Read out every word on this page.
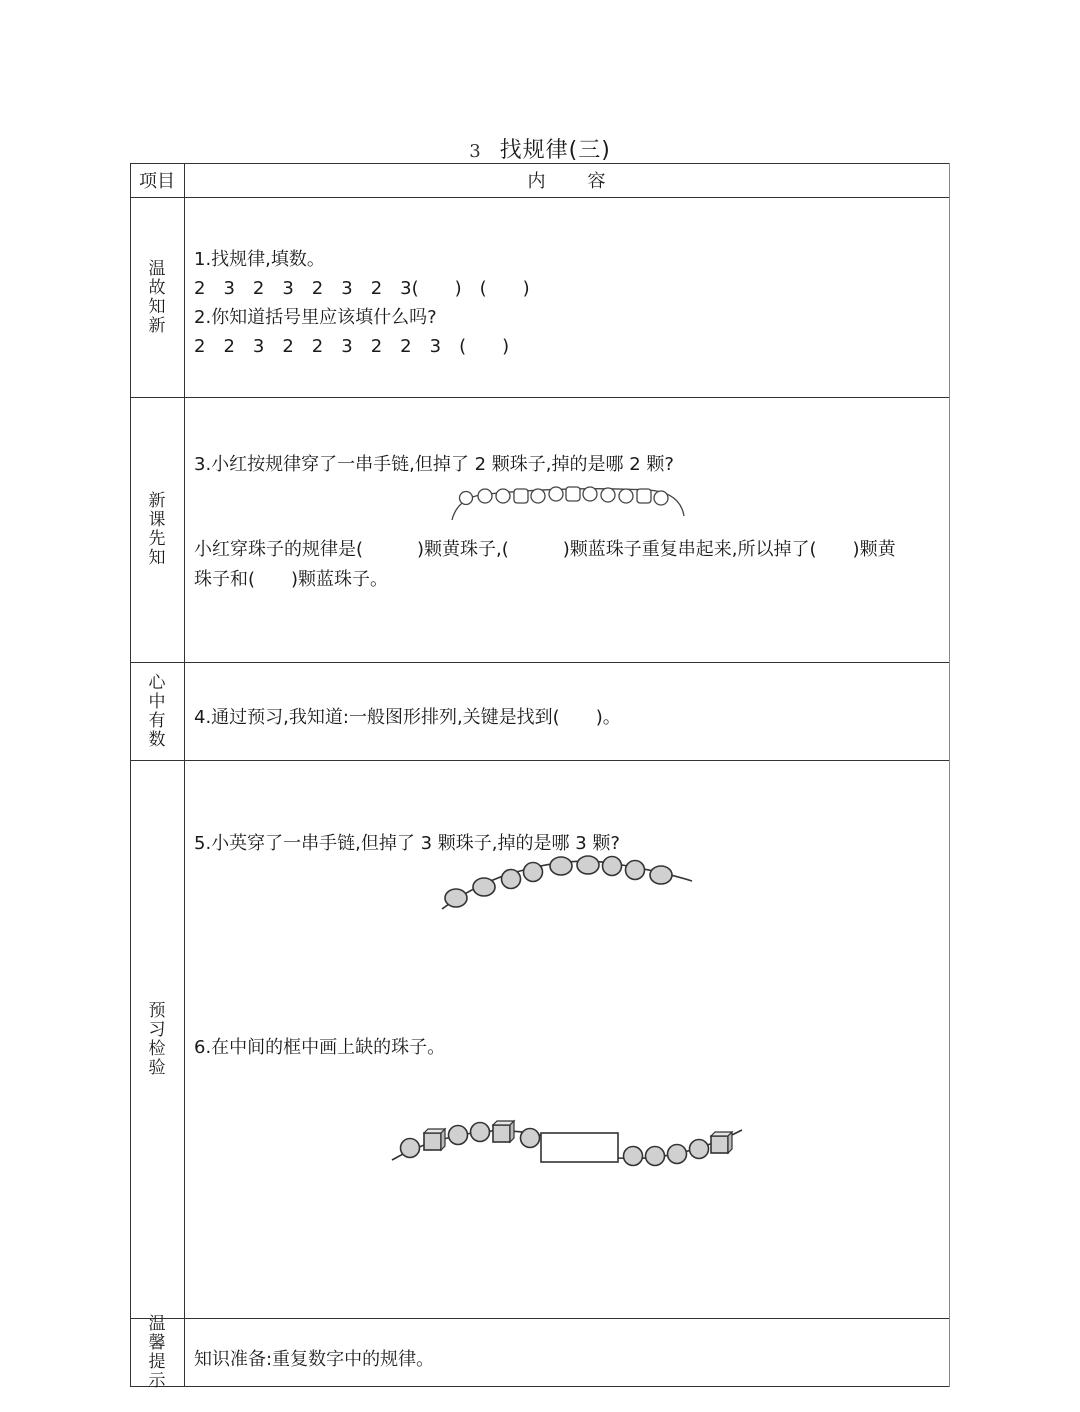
3 找规律(三)
项目	内　　容
温故知新
新课先知
心中有数
预习检验
温馨提示
1.找规律,填数。
2　3　2　3　2　3　2　3(　　)　(　　)
2.你知道括号里应该填什么吗?
2　2　3　2　2　3　2　2　3　(　　)
3.小红按规律穿了一串手链,但掉了 2 颗珠子,掉的是哪 2 颗?
小红穿珠子的规律是(　　　)颗黄珠子,(　　　)颗蓝珠子重复串起来,所以掉了(　　)颗黄
珠子和(　　)颗蓝珠子。
4.通过预习,我知道:一般图形排列,关键是找到(　　)。
5.小英穿了一串手链,但掉了 3 颗珠子,掉的是哪 3 颗?
6.在中间的框中画上缺的珠子。
知识准备:重复数字中的规律。
